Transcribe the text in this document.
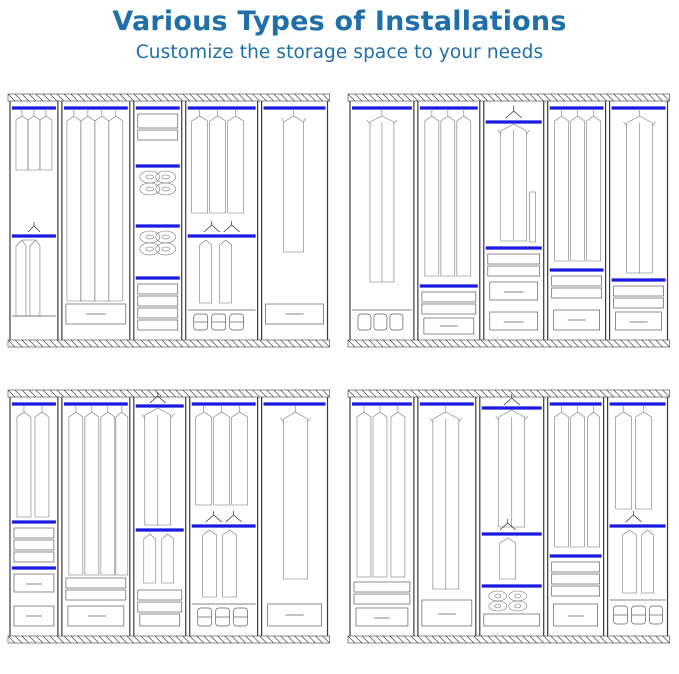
Various Types of Installations

Customize the storage space to your needs
